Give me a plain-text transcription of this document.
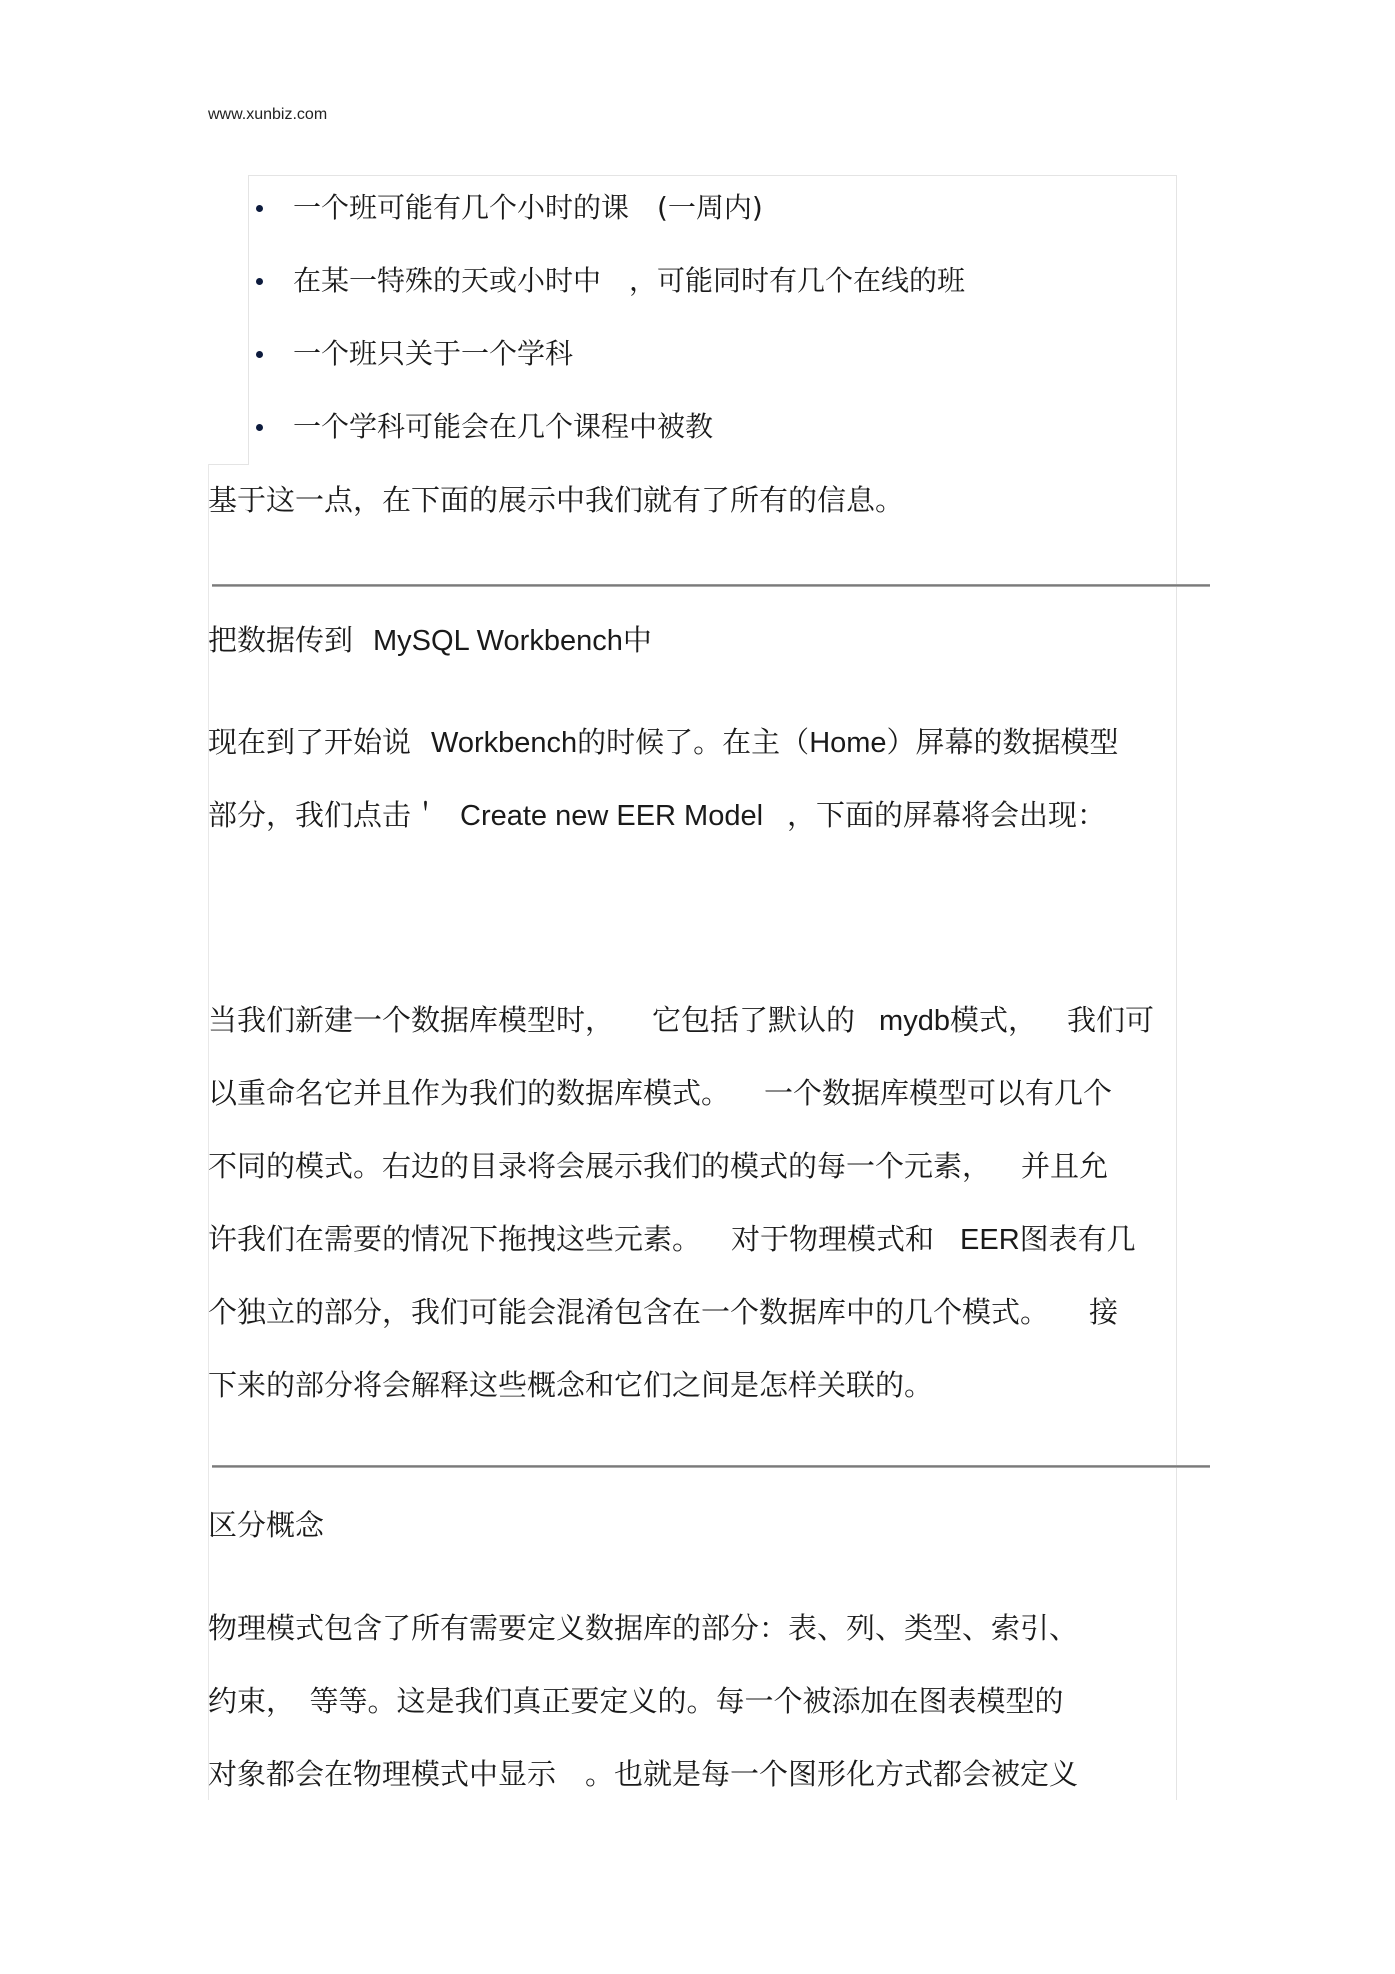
www.xunbiz.com
一个班可能有几个小时的课　(一周内)
在某一特殊的天或小时中　，可能同时有几个在线的班
一个班只关于一个学科
一个学科可能会在几个课程中被教
基于这一点，在下面的展示中我们就有了所有的信息。
把数据传到 MySQL Workbench中
现在到了开始说 Workbench的时候了。在主（Home）屏幕的数据模型
部分，我们点击＇ Create new EER Model ，下面的屏幕将会出现：
当我们新建一个数据库模型时， 它包括了默认的 mydb模式， 我们可
以重命名它并且作为我们的数据库模式。 一个数据库模型可以有几个
不同的模式。右边的目录将会展示我们的模式的每一个元素， 并且允
许我们在需要的情况下拖拽这些元素。 对于物理模式和 EER图表有几
个独立的部分，我们可能会混淆包含在一个数据库中的几个模式。 接
下来的部分将会解释这些概念和它们之间是怎样关联的。
区分概念
物理模式包含了所有需要定义数据库的部分：表、列、类型、索引、
约束，　等等。这是我们真正要定义的。每一个被添加在图表模型的
对象都会在物理模式中显示　。也就是每一个图形化方式都会被定义
